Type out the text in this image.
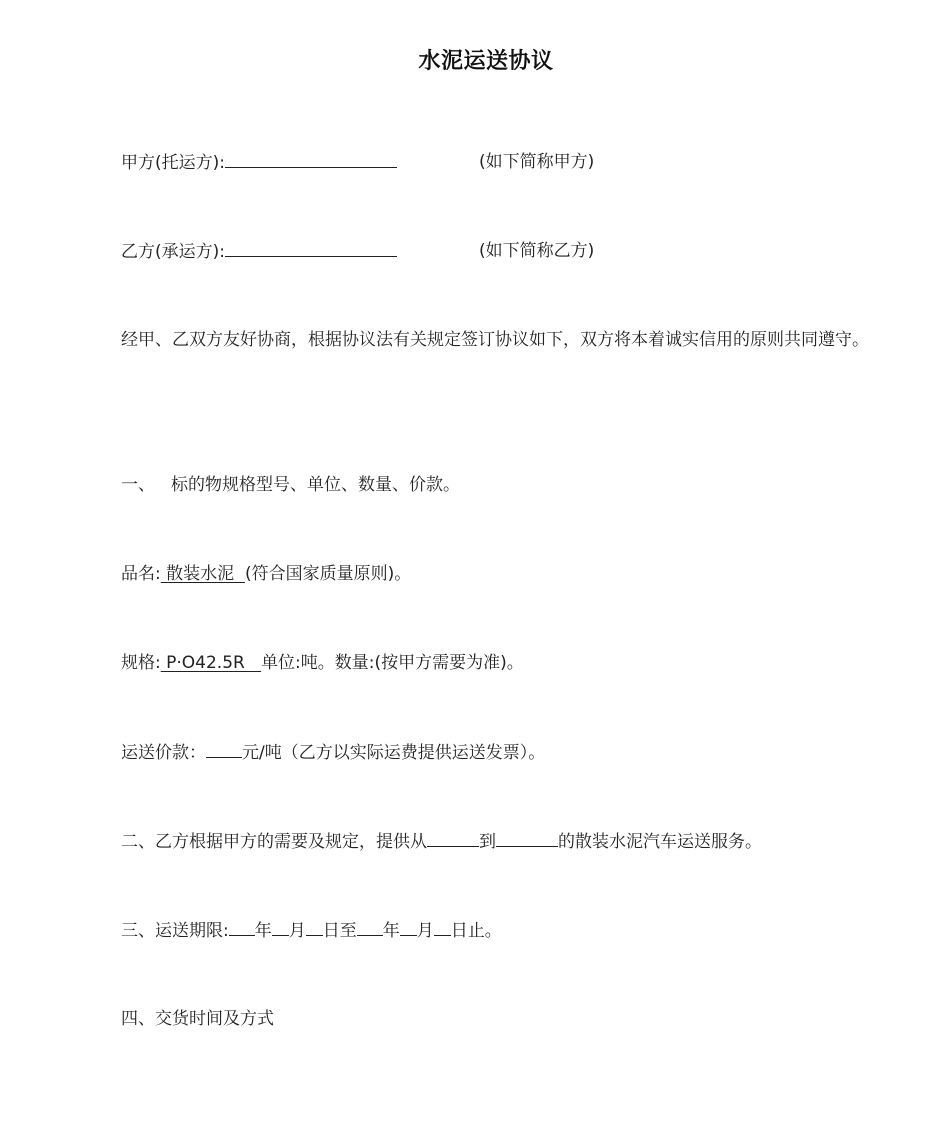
水泥运送协议
甲方(托运方):	(如下简称甲方)
乙方(承运方):	(如下简称乙方)
经甲、乙双方友好协商，根据协议法有关规定签订协议如下，双方将本着诚实信用的原则共同遵守。
一、 标的物规格型号、单位、数量、价款。
品名: 散装水泥  (符合国家质量原则)。
规格: P·O42.5R   单位:吨。数量:(按甲方需要为准)。
运送价款： 元/吨（乙方以实际运费提供运送发票）。
二、乙方根据甲方的需要及规定，提供从	到	的散装水泥汽车运送服务。
三、运送期限: 年 月 日至 年 月 日止。
四、交货时间及方式
